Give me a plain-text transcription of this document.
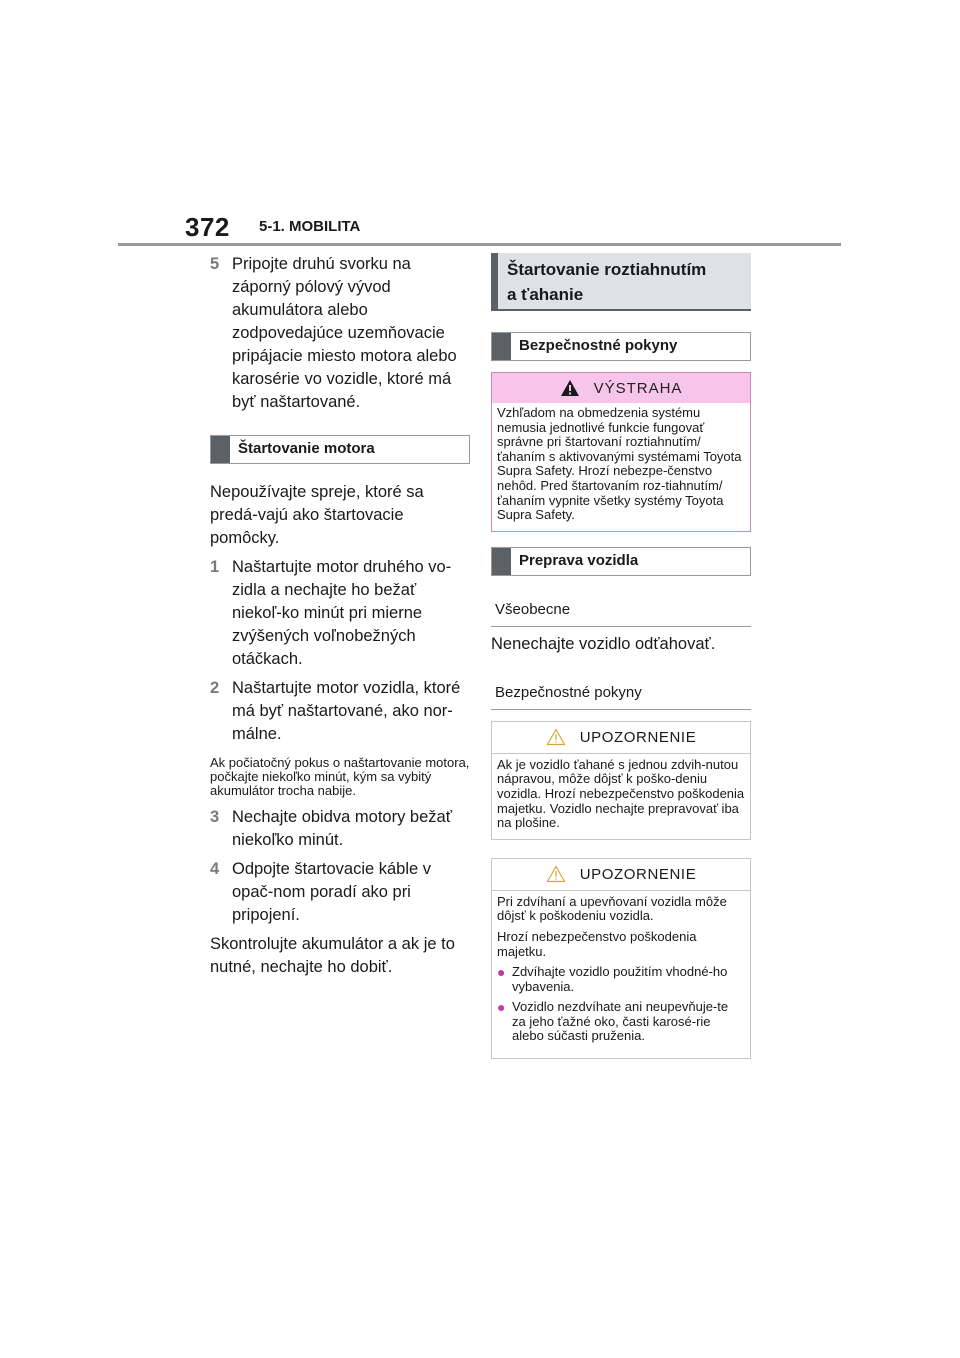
372 5-1. MOBILITA
5 Pripojte druhú svorku na záporný pólový vývod akumulátora alebo zodpovedajúce uzemňovacie pripájacie miesto motora alebo karosérie vo vozidle, ktoré má byť naštartované.
Štartovanie motora

Nepoužívajte spreje, ktoré sa predá-vajú ako štartovacie pomôcky.

1 Naštartujte motor druhého vo-zidla a nechajte ho bežať niekoľ-ko minút pri mierne zvýšených voľnobežných otáčkach.
2 Naštartujte motor vozidla, ktoré má byť naštartované, ako nor-málne.

Ak počiatočný pokus o naštartovanie motora, počkajte niekoľko minút, kým sa vybitý akumulátor trocha nabije.

3 Nechajte obidva motory bežať niekoľko minút.
4 Odpojte štartovacie káble v opač-nom poradí ako pri pripojení.

Skontrolujte akumulátor a ak je to nutné, nechajte ho dobiť.

Štartovanie roztiahnutím
a ťahanie
Bezpečnostné pokyny
VÝSTRAHA
Vzhľadom na obmedzenia systému nemusia jednotlivé funkcie fungovať správne pri štartovaní roztiahnutím/ťahaním s aktivovanými systémami Toyota Supra Safety. Hrozí nebezpe-čenstvo nehôd. Pred štartovaním roz-tiahnutím/ťahaním vypnite všetky systémy Toyota Supra Safety.
Preprava vozidla
Všeobecne

Nenechajte vozidlo odťahovať.

Bezpečnostné pokyny
UPOZORNENIE
Ak je vozidlo ťahané s jednou zdvih-nutou nápravou, môže dôjsť k poško-deniu vozidla. Hrozí nebezpečenstvo poškodenia majetku. Vozidlo nechajte prepravovať iba na plošine.
UPOZORNENIE

Pri zdvíhaní a upevňovaní vozidla môže dôjsť k poškodeniu vozidla.

Hrozí nebezpečenstvo poškodenia majetku.

● Zdvíhajte vozidlo použitím vhodné-ho vybavenia.
● Vozidlo nezdvíhate ani neupevňuje-te za jeho ťažné oko, časti karosé-rie alebo súčasti pruženia.
